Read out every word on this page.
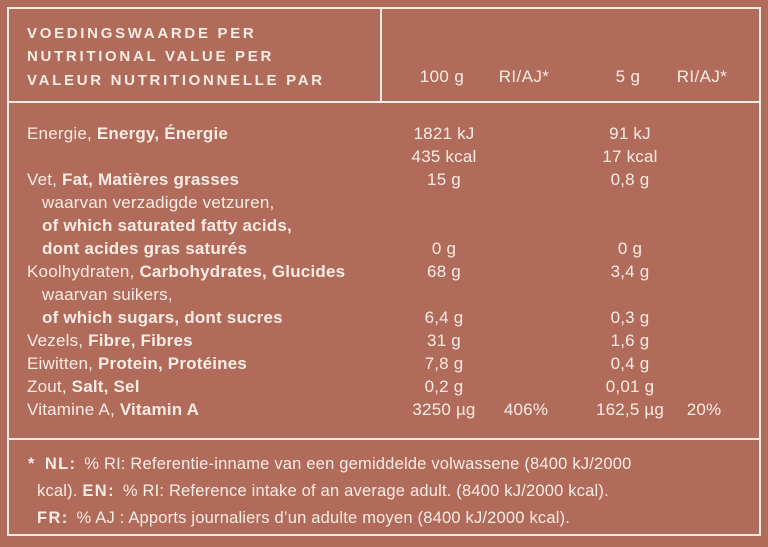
VOEDINGSWAARDE PER
NUTRITIONAL VALUE PER
VALEUR NUTRITIONNELLE PAR	100 g RI/AJ*	5 g RI/AJ*
Energie, Energy, Énergie	1821 kJ	91 kJ
435 kcal	17 kcal
Vet, Fat, Matières grasses	15 g	0,8 g
waarvan verzadigde vetzuren,
of which saturated fatty acids,
dont acides gras saturés	0 g	0 g
Koolhydraten, Carbohydrates, Glucides	68 g	3,4 g
waarvan suikers,
of which sugars, dont sucres	6,4 g	0,3 g
Vezels, Fibre, Fibres	31 g	1,6 g
Eiwitten, Protein, Protéines	7,8 g	0,4 g
Zout, Salt, Sel	0,2 g	0,01 g
Vitamine A, Vitamin A	3250 µg 406%	162,5 µg 20%
* NL: % RI: Referentie-inname van een gemiddelde volwassene (8400 kJ/2000
kcal). EN: % RI: Reference intake of an average adult. (8400 kJ/2000 kcal).
FR: % AJ : Apports journaliers d’un adulte moyen (8400 kJ/2000 kcal).
